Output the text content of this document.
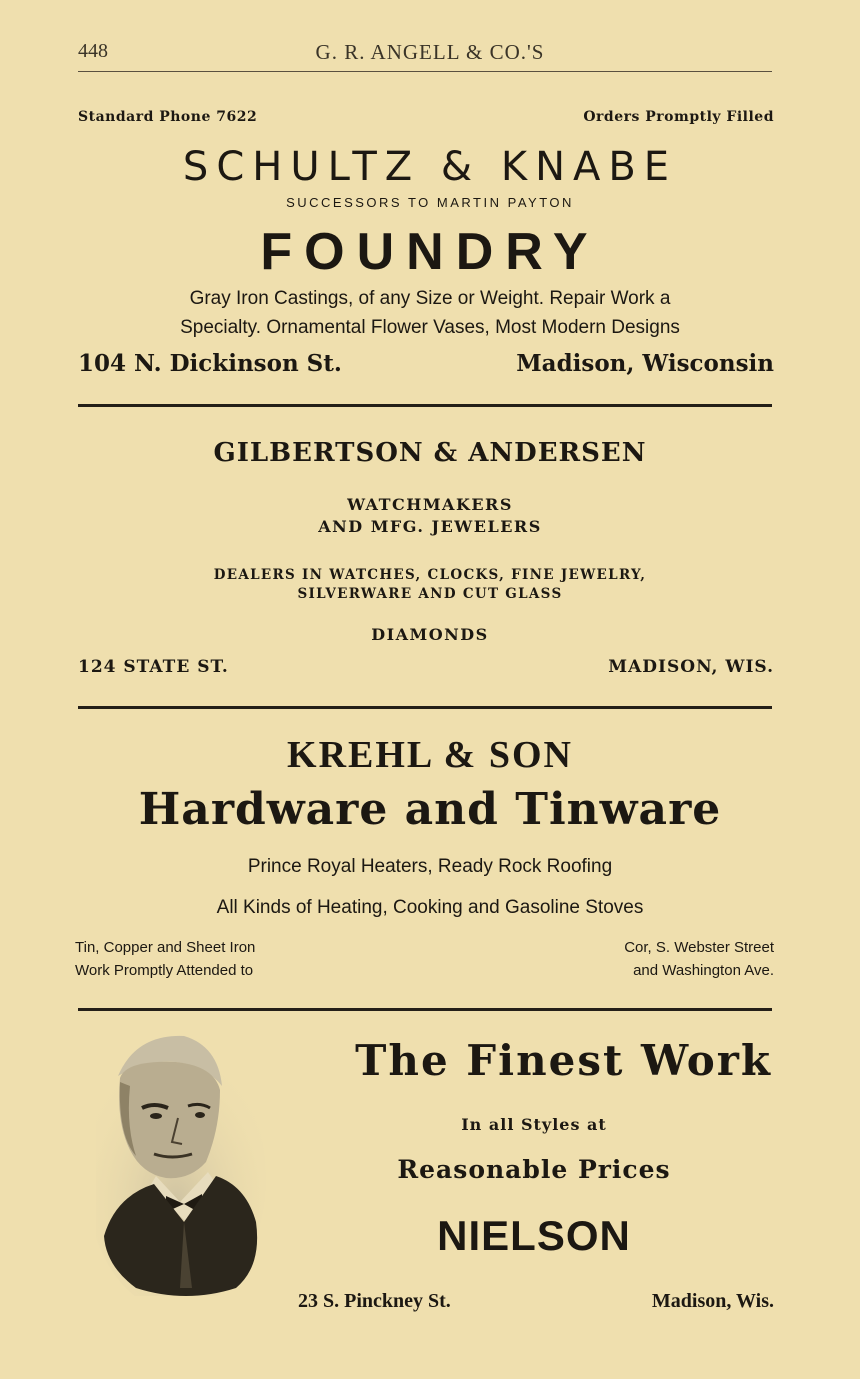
448	G. R. ANGELL & CO.'S
Standard Phone 7622	Orders Promptly Filled
SCHULTZ & KNABE
SUCCESSORS TO MARTIN PAYTON
FOUNDRY
Gray Iron Castings, of any Size or Weight. Repair Work a
Specialty. Ornamental Flower Vases, Most Modern Designs
104 N. Dickinson St.	Madison, Wisconsin
GILBERTSON & ANDERSEN
WATCHMAKERS
AND MFG. JEWELERS
DEALERS IN WATCHES, CLOCKS, FINE JEWELRY,
SILVERWARE AND CUT GLASS
DIAMONDS
124 STATE ST.	MADISON, WIS.
KREHL & SON
Hardware and Tinware
Prince Royal Heaters, Ready Rock Roofing
All Kinds of Heating, Cooking and Gasoline Stoves
Tin, Copper and Sheet Iron
Work Promptly Attended to
Cor, S. Webster Street
and Washington Ave.
The Finest Work
In all Styles at
Reasonable Prices
NIELSON
23 S. Pinckney St.	Madison, Wis.
